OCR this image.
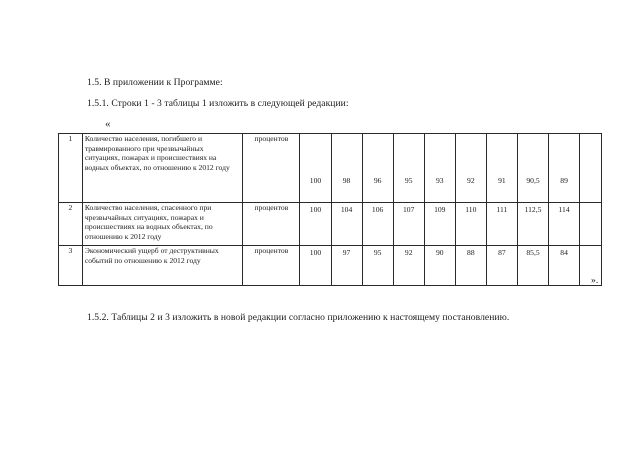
1.5. В приложении к Программе:
1.5.1. Строки 1 - 3 таблицы 1 изложить в следующей редакции:
«
1	Количество населения, погибшего и травмированного при чрезвычайных ситуациях, пожарах и происшествиях на водных объектах, по отношению к 2012 году	процентов	100	98	96	95	93	92	91	90,5	89	
2	Количество населения, спасенного при чрезвычайных ситуациях, пожарах и происшествиях на водных объектах, по отношению к 2012 году	процентов	100	104	106	107	109	110	111	112,5	114	
3	Экономический ущерб от деструктивных событий по отношению к 2012 году	процентов	100	97	95	92	90	88	87	85,5	84	
».
1.5.2. Таблицы 2 и 3 изложить в новой редакции согласно приложению к настоящему постановлению.
